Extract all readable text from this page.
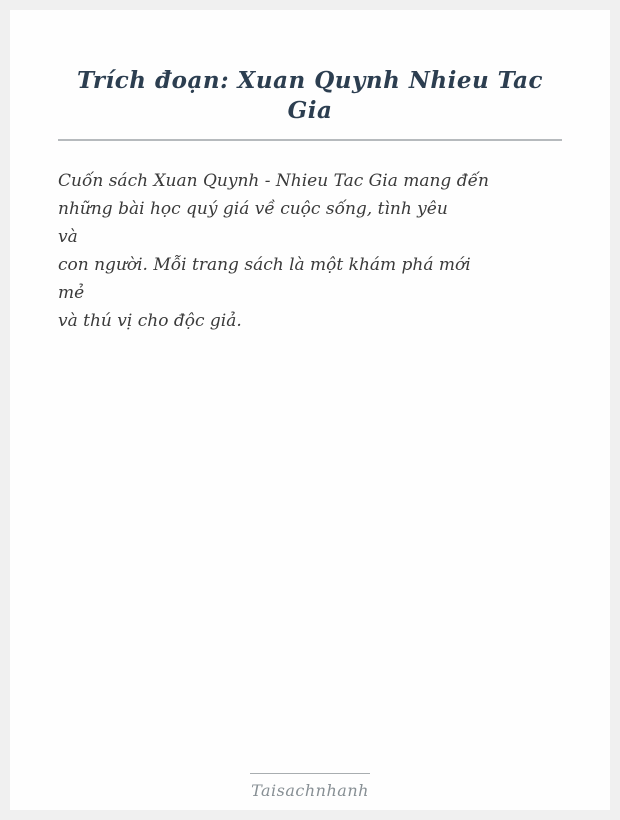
Trích đoạn: Xuan Quynh Nhieu Tac Gia
Cuốn sách Xuan Quynh - Nhieu Tac Gia mang đến
những bài học quý giá về cuộc sống, tình yêu
và
con người. Mỗi trang sách là một khám phá mới
mẻ
và thú vị cho độc giả.
Taisachnhanh
